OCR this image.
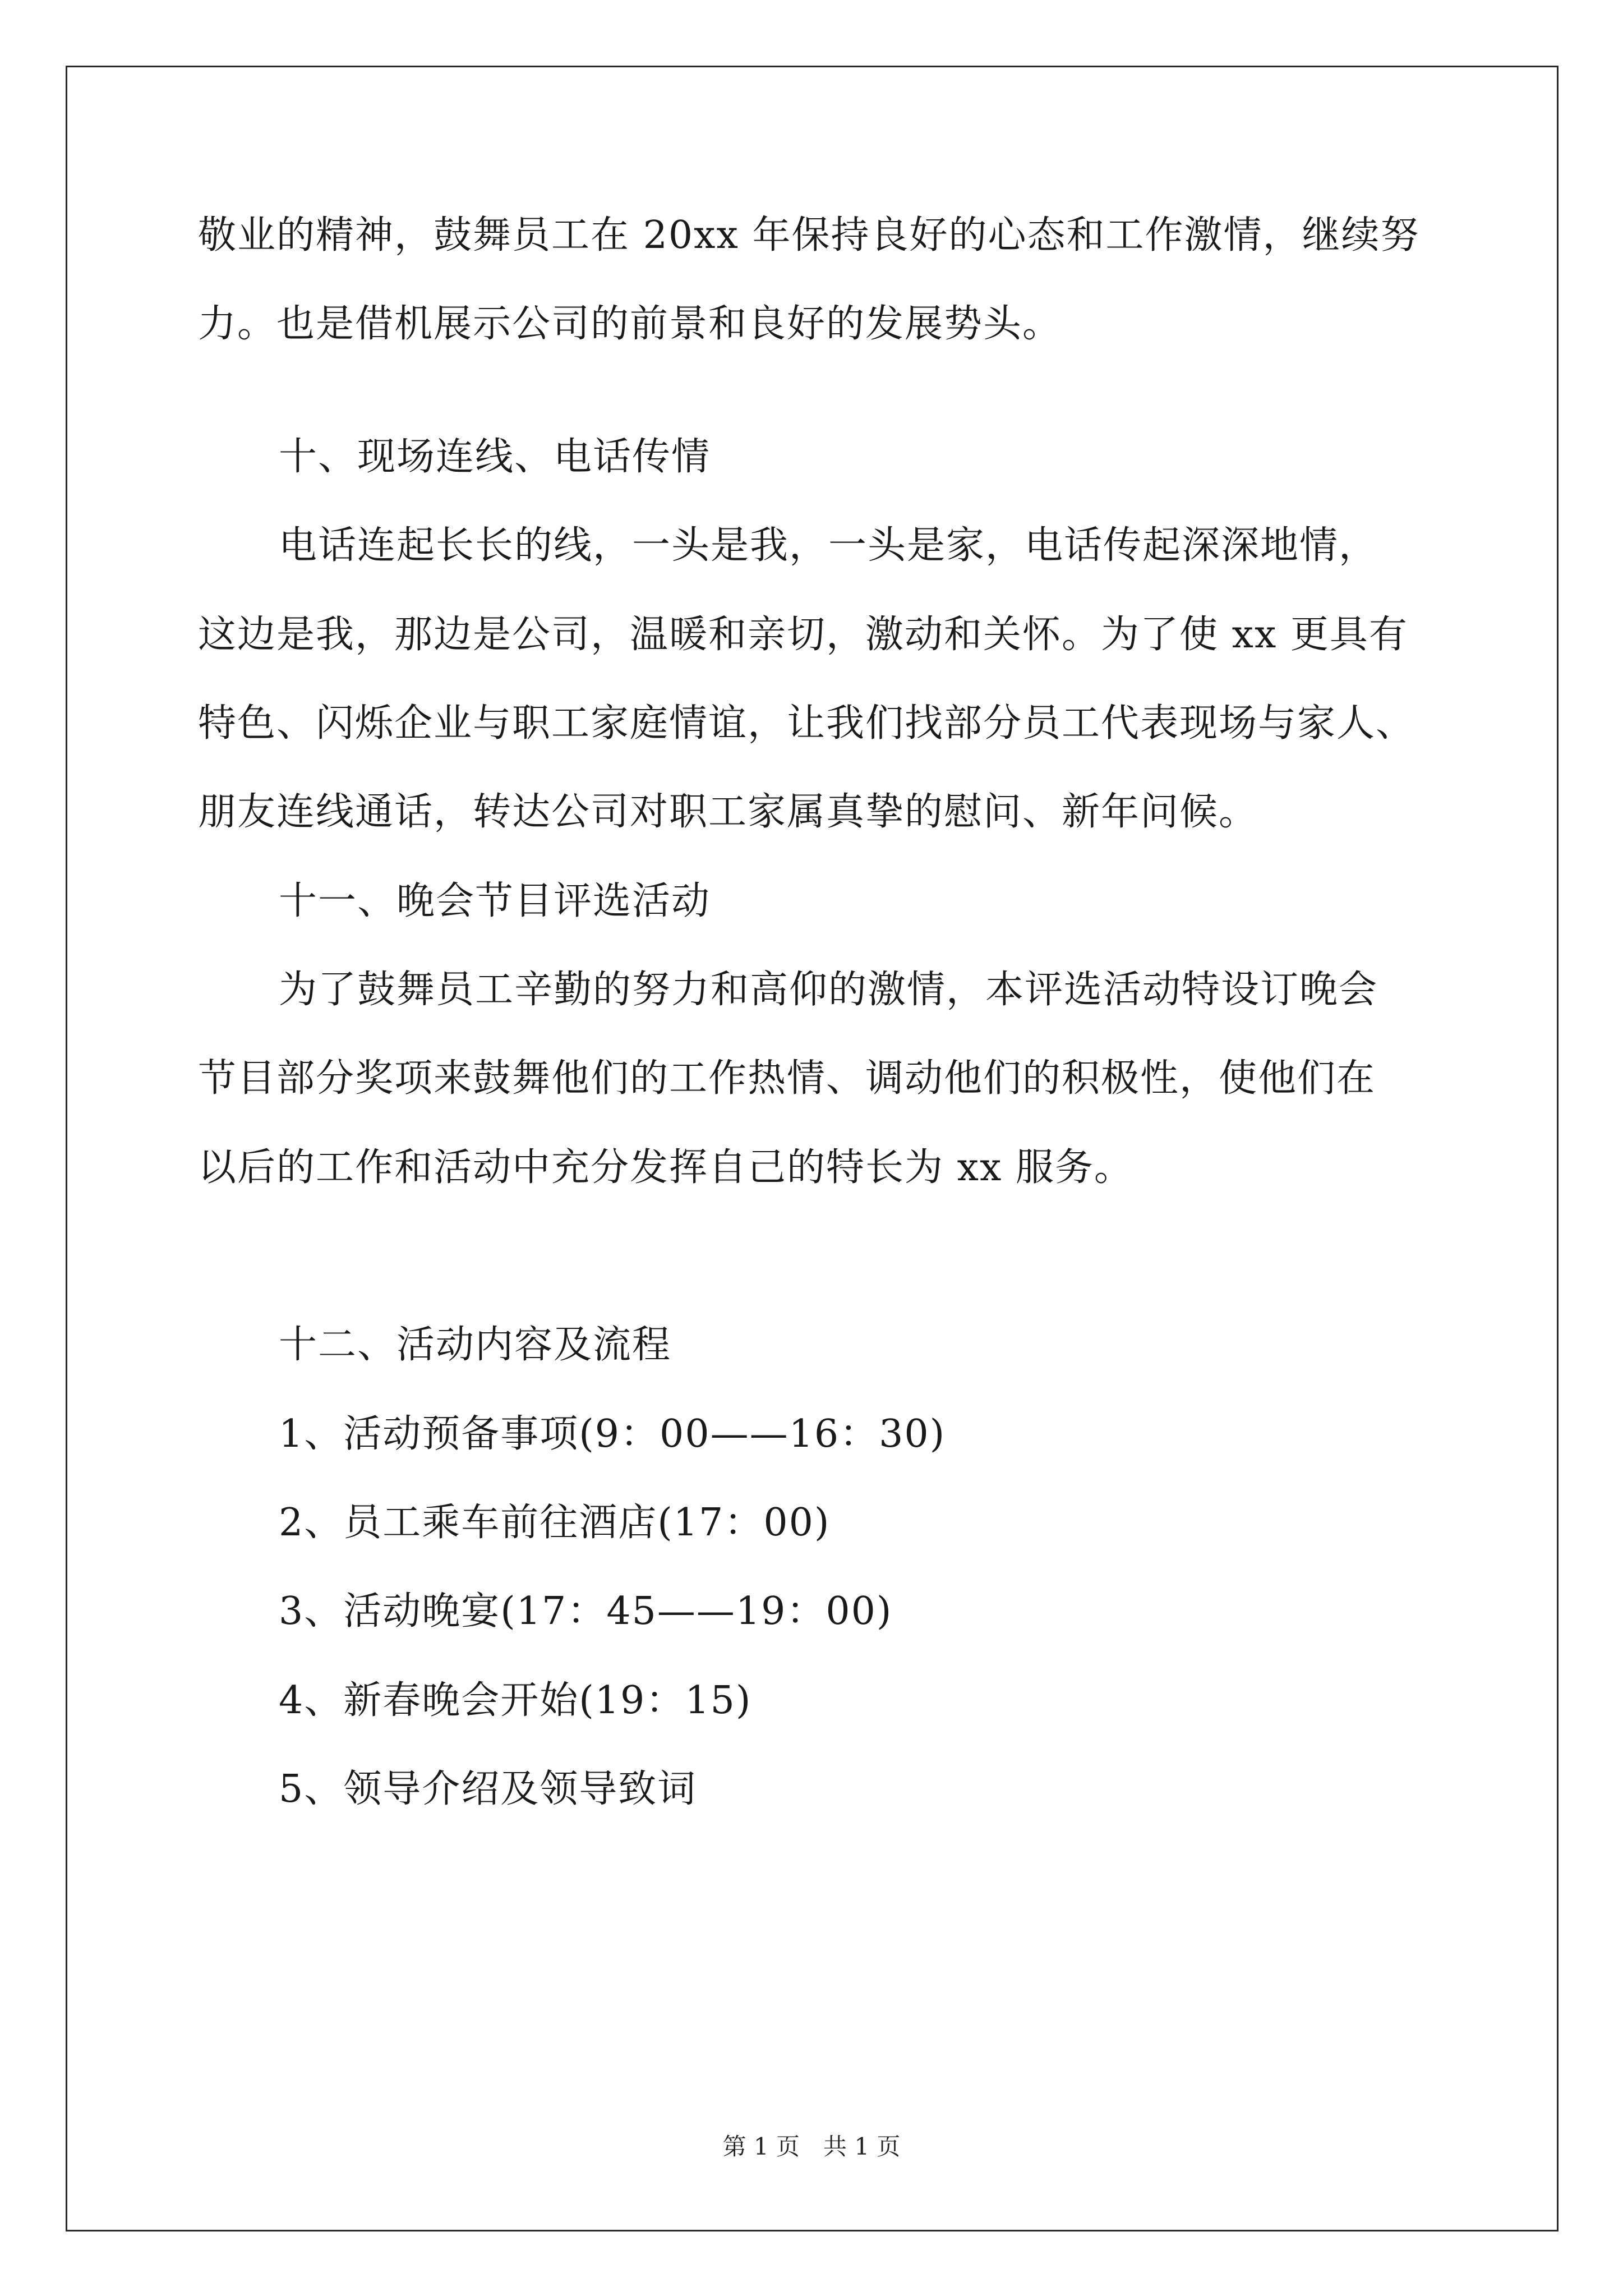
敬业的精神，鼓舞员工在 20xx 年保持良好的心态和工作激情，继续努
力。也是借机展示公司的前景和良好的发展势头。
十、现场连线、电话传情
电话连起长长的线，一头是我，一头是家，电话传起深深地情，
这边是我，那边是公司，温暖和亲切，激动和关怀。为了使 xx 更具有
特色、闪烁企业与职工家庭情谊，让我们找部分员工代表现场与家人、
朋友连线通话，转达公司对职工家属真挚的慰问、新年问候。
十一、晚会节目评选活动
为了鼓舞员工辛勤的努力和高仰的激情，本评选活动特设订晚会
节目部分奖项来鼓舞他们的工作热情、调动他们的积极性，使他们在
以后的工作和活动中充分发挥自己的特长为 xx 服务。
十二、活动内容及流程
1、活动预备事项(9：00——16：30)
2、员工乘车前往酒店(17：00)
3、活动晚宴(17：45——19：00)
4、新春晚会开始(19：15)
5、领导介绍及领导致词
第 1 页　共 1 页
